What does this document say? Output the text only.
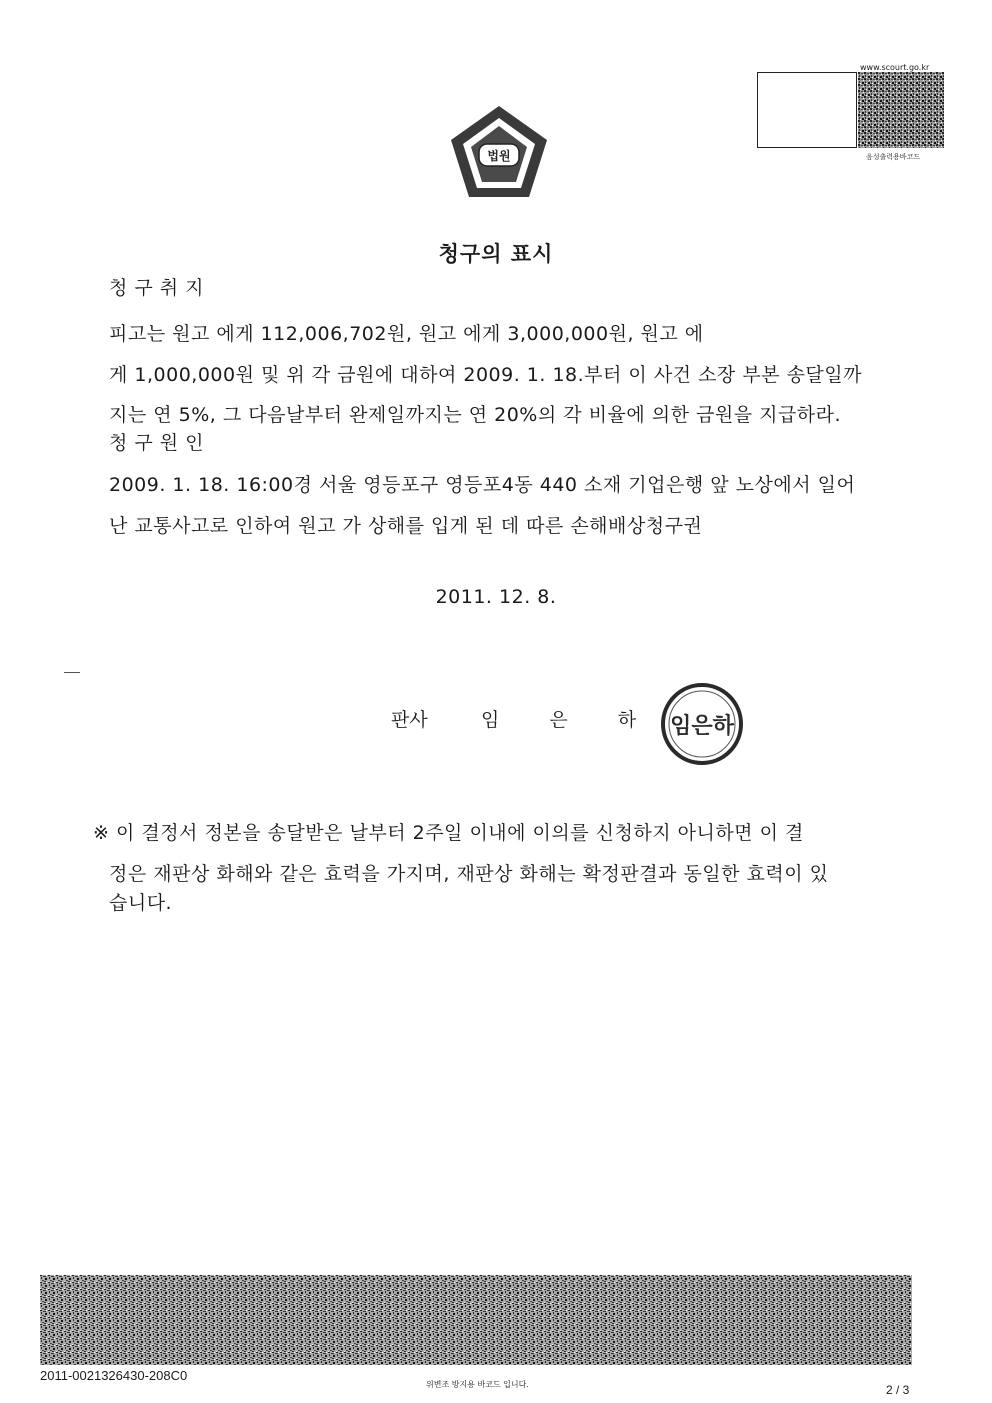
법원
www.scourt.go.kr
음성출력용바코드
청구의 표시
청 구 취 지
피고는 원고 에게 112,006,702원, 원고 에게 3,000,000원, 원고 에
게 1,000,000원 및 위 각 금원에 대하여 2009. 1. 18.부터 이 사건 소장 부본 송달일까
지는 연 5%, 그 다음날부터 완제일까지는 연 20%의 각 비율에 의한 금원을 지급하라.
청 구 원 인
2009. 1. 18. 16:00경 서울 영등포구 영등포4동 440 소재 기업은행 앞 노상에서 일어
난 교통사고로 인하여 원고 가 상해를 입게 된 데 따른 손해배상청구권
2011. 12. 8.
판사	임 은 하 임은하
※ 이 결정서 정본을 송달받은 날부터 2주일 이내에 이의를 신청하지 아니하면 이 결
정은 재판상 화해와 같은 효력을 가지며, 재판상 화해는 확정판결과 동일한 효력이 있
습니다.
2011-0021326430-208C0
위변조 방지용 바코드 입니다.	2 / 3
